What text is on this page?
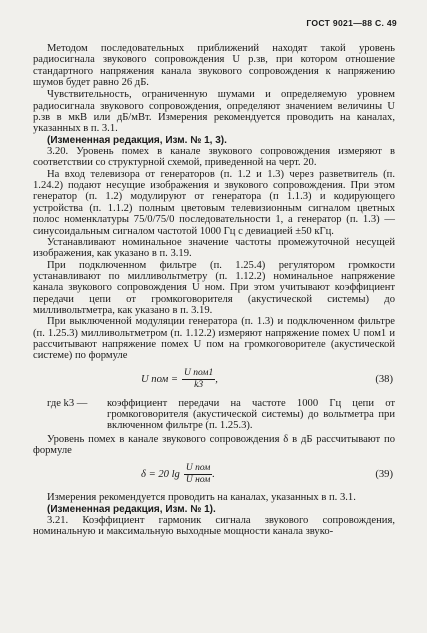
ГОСТ 9021—88 С. 49

Методом последовательных приближений находят такой уровень радиосигнала звукового сопровождения U р.зв, при котором отношение стандартного напряжения канала звукового сопровождения к напряжению шумов будет равно 26 дБ.

Чувствительность, ограниченную шумами и определяемую уровнем радиосигнала звукового сопровождения, определяют значением величины U р.зв в мкВ или дБ/мВт. Измерения рекомендуется проводить на каналах, указанных в п. 3.1.

(Измененная редакция, Изм. № 1, 3).

3.20. Уровень помех в канале звукового сопровождения измеряют в соответствии со структурной схемой, приведенной на черт. 20.

На вход телевизора от генераторов (п. 1.2 и 1.3) через разветвитель (п. 1.24.2) подают несущие изображения и звукового сопровождения. При этом генератор (п. 1.2) модулируют от генератора (п 1.1.3) и кодирующего устройства (п. 1.1.2) полным цветовым телевизионным сигналом цветных полос номенклатуры 75/0/75/0 последовательности 1, а генератор (п. 1.3) — синусоидальным сигналом частотой 1000 Гц с девиацией ±50 кГц.

Устанавливают номинальное значение частоты промежуточной несущей изображения, как указано в п. 3.19.

При подключенном фильтре (п. 1.25.4) регулятором громкости устанавливают по милливольтметру (п. 1.12.2) номинальное напряжение канала звукового сопровождения U ном. При этом учитывают коэффициент передачи цепи от громкоговорителя (акустической системы) до милливольтметра, как указано в п. 3.19.

При выключенной модуляции генератора (п. 1.3) и подключенном фильтре (п. 1.25.3) милливольтметром (п. 1.12.2) измеряют напряжение помех U пом1 и рассчитывают напряжение помех U пом на громкоговорителе (акустической системе) по формуле

U пом = $\frac{\text{U пом1}}{k3}$ ,	(38)
где k3 —	коэффициент передачи на частоте 1000 Гц цепи от громкоговорителя (акустической системы) до вольтметра при включенном фильтре (п. 1.25.3).

Уровень помех в канале звукового сопровождения δ в дБ рассчитывают по формуле

δ = 20 $\lg \frac{\text{U пом}}{\text{U ном}}$ .	(39)

Измерения рекомендуется проводить на каналах, указанных в п. 3.1.

(Измененная редакция, Изм. № 1).

3.21. Коэффициент гармоник сигнала звукового сопровождения, номинальную и максимальную выходные мощности канала звуко-
